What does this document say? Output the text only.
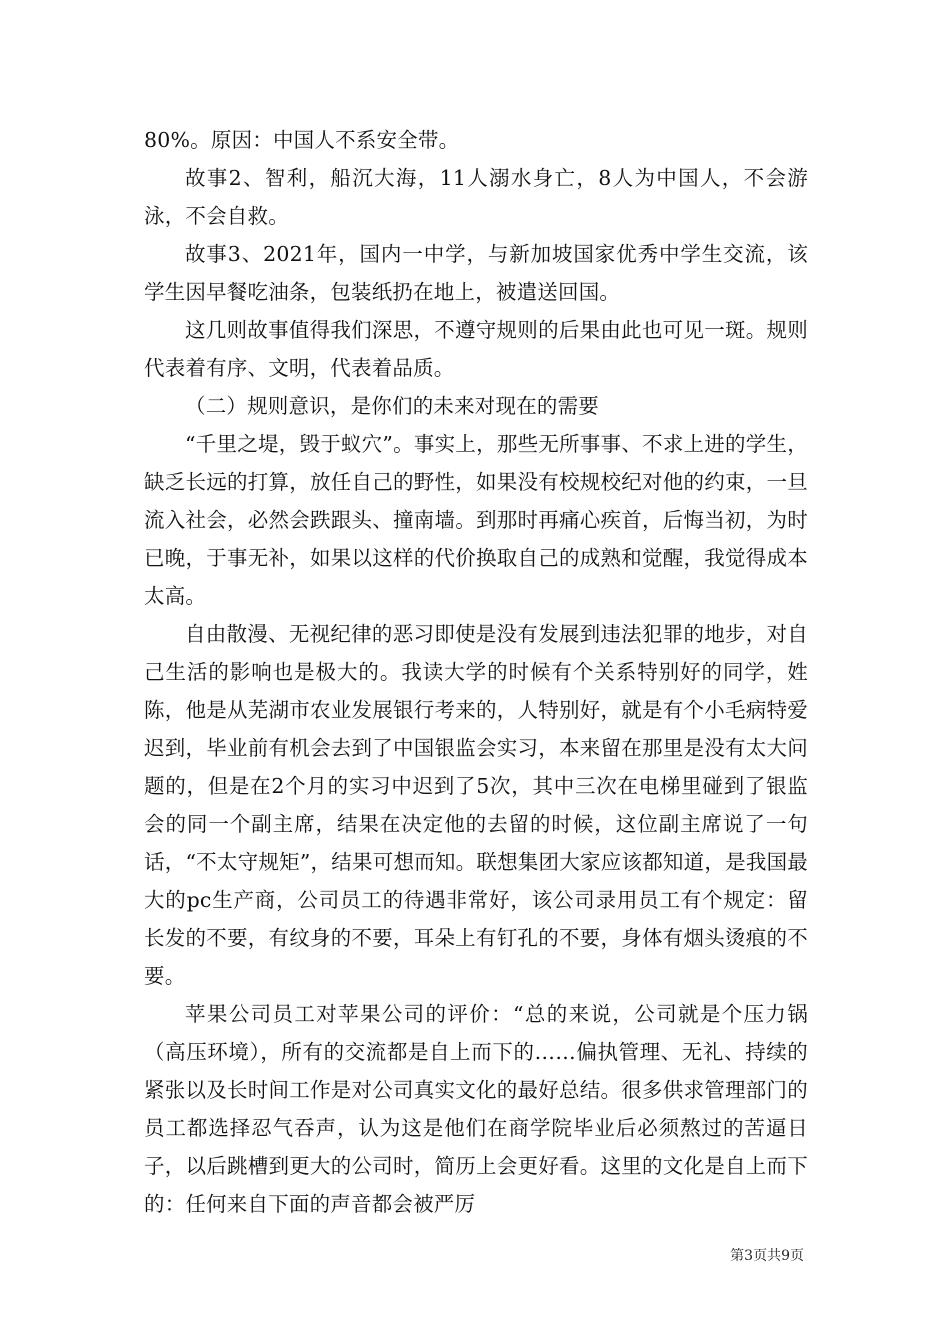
80%。原因：中国人不系安全带。

故事2、智利，船沉大海，11人溺水身亡，8人为中国人，不会游泳，不会自救。

故事3、2021年，国内一中学，与新加坡国家优秀中学生交流，该学生因早餐吃油条，包装纸扔在地上，被遣送回国。

这几则故事值得我们深思，不遵守规则的后果由此也可见一斑。规则代表着有序、文明，代表着品质。

（二）规则意识，是你们的未来对现在的需要

“千里之堤，毁于蚁穴”。事实上，那些无所事事、不求上进的学生，缺乏长远的打算，放任自己的野性，如果没有校规校纪对他的约束，一旦流入社会，必然会跌跟头、撞南墙。到那时再痛心疾首，后悔当初，为时已晚，于事无补，如果以这样的代价换取自己的成熟和觉醒，我觉得成本太高。

自由散漫、无视纪律的恶习即使是没有发展到违法犯罪的地步，对自己生活的影响也是极大的。我读大学的时候有个关系特别好的同学，姓陈，他是从芜湖市农业发展银行考来的，人特别好，就是有个小毛病特爱迟到，毕业前有机会去到了中国银监会实习，本来留在那里是没有太大问题的，但是在2个月的实习中迟到了5次，其中三次在电梯里碰到了银监会的同一个副主席，结果在决定他的去留的时候，这位副主席说了一句话，“不太守规矩”，结果可想而知。联想集团大家应该都知道，是我国最大的pc生产商，公司员工的待遇非常好，该公司录用员工有个规定：留长发的不要，有纹身的不要，耳朵上有钉孔的不要，身体有烟头烫痕的不要。

苹果公司员工对苹果公司的评价：“总的来说，公司就是个压力锅（高压环境），所有的交流都是自上而下的……偏执管理、无礼、持续的紧张以及长时间工作是对公司真实文化的最好总结。很多供求管理部门的员工都选择忍气吞声，认为这是他们在商学院毕业后必须熬过的苦逼日子，以后跳槽到更大的公司时，简历上会更好看。这里的文化是自上而下的：任何来自下面的声音都会被严厉

第3页共9页
